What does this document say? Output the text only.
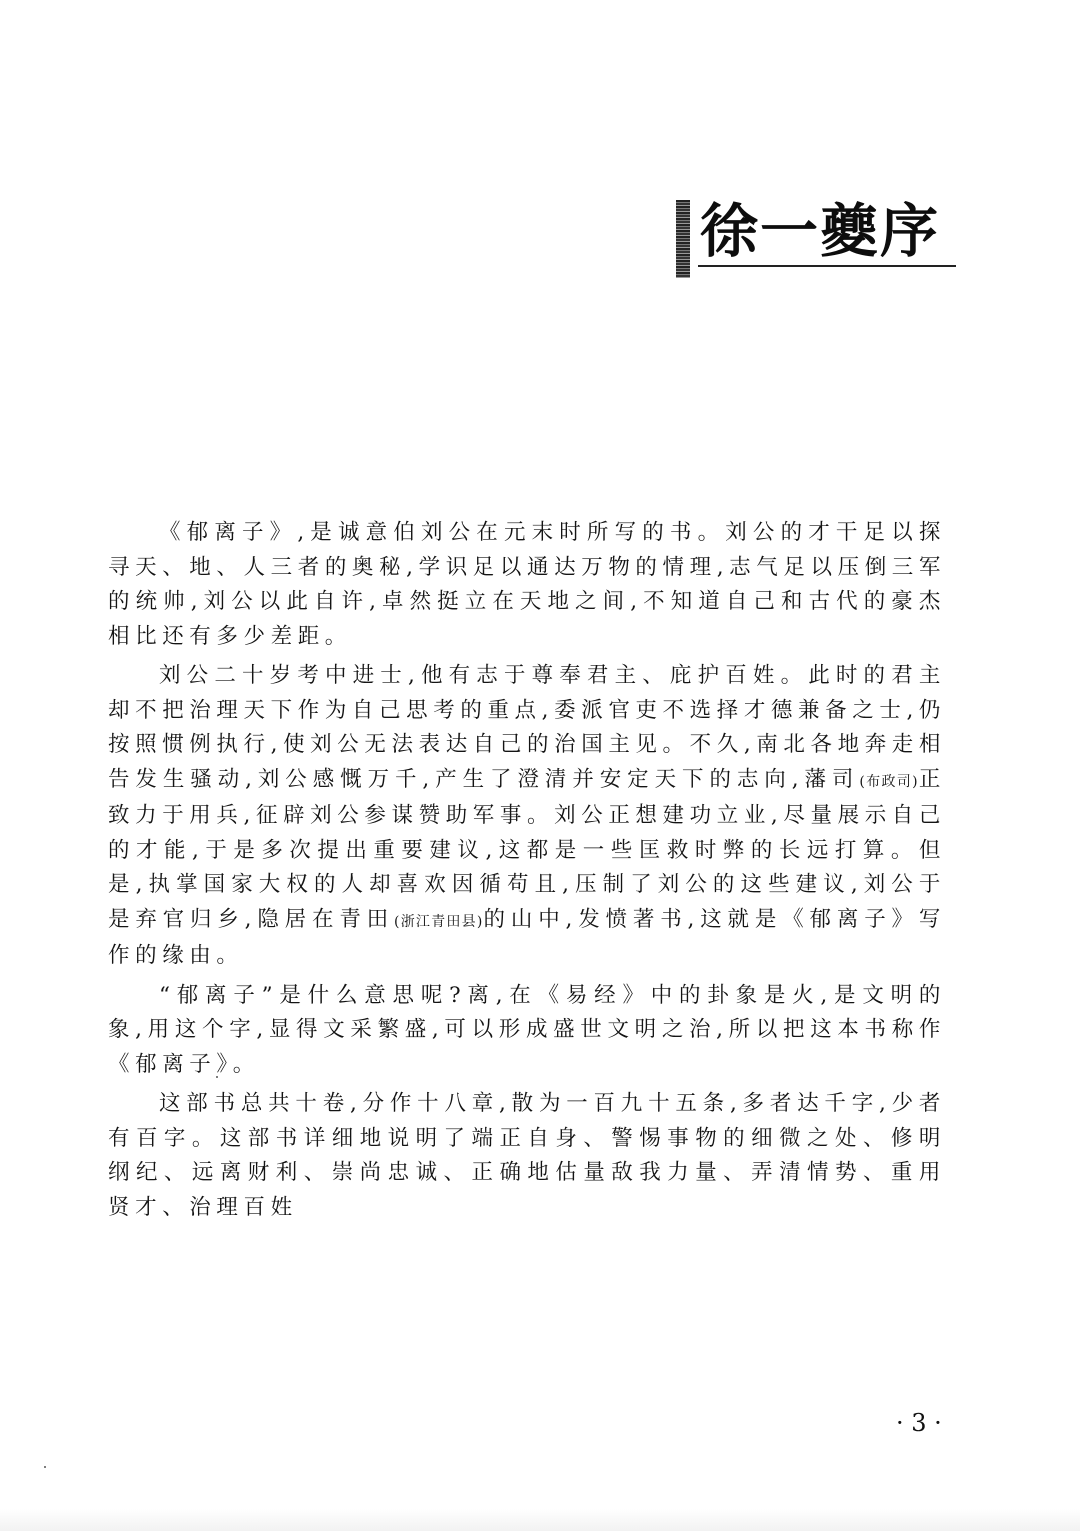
徐一夔序

《郁离子》,是诚意伯刘公在元末时所写的书。刘公的才干足以探寻天、地、人三者的奥秘,学识足以通达万物的情理,志气足以压倒三军的统帅,刘公以此自许,卓然挺立在天地之间,不知道自己和古代的豪杰相比还有多少差距。

刘公二十岁考中进士,他有志于尊奉君主、庇护百姓。此时的君主却不把治理天下作为自己思考的重点,委派官吏不选择才德兼备之士,仍按照惯例执行,使刘公无法表达自己的治国主见。不久,南北各地奔走相告发生骚动,刘公感慨万千,产生了澄清并安定天下的志向,藩司(布政司)正致力于用兵,征辟刘公参谋赞助军事。刘公正想建功立业,尽量展示自己的才能,于是多次提出重要建议,这都是一些匡救时弊的长远打算。但是,执掌国家大权的人却喜欢因循苟且,压制了刘公的这些建议,刘公于是弃官归乡,隐居在青田(浙江青田县)的山中,发愤著书,这就是《郁离子》写作的缘由。

“郁离子”是什么意思呢?离,在《易经》中的卦象是火,是文明的象,用这个字,显得文采繁盛,可以形成盛世文明之治,所以把这本书称作《郁离子》。

这部书总共十卷,分作十八章,散为一百九十五条,多者达千字,少者有百字。这部书详细地说明了端正自身、警惕事物的细微之处、修明纲纪、远离财利、崇尚忠诚、正确地估量敌我力量、弄清情势、重用贤才、治理百姓

· 3 ·
